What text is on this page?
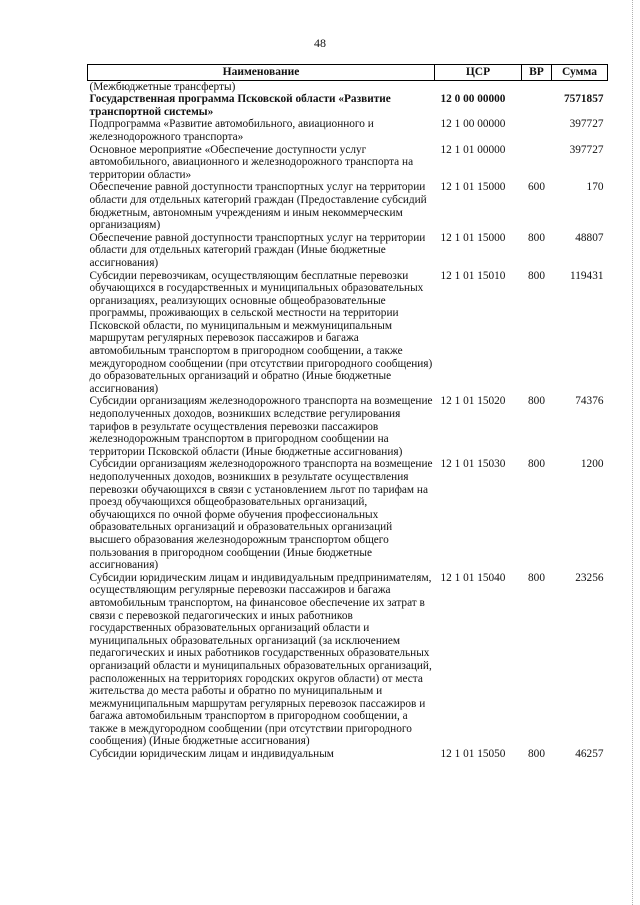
48
Наименование	ЦСР	ВР	Сумма
(Межбюджетные трансферты)			
Государственная программа Псковской области «Развитие транспортной системы»	12 0 00 00000		7571857
Подпрограмма «Развитие автомобильного, авиационного и железнодорожного транспорта»	12 1 00 00000		397727
Основное мероприятие «Обеспечение доступности услуг автомобильного, авиационного и железнодорожного транспорта на территории области»	12 1 01 00000		397727
Обеспечение равной доступности транспортных услуг на территории области для отдельных категорий граждан (Предоставление субсидий бюджетным, автономным учреждениям и иным некоммерческим организациям)	12 1 01 15000	600	170
Обеспечение равной доступности транспортных услуг на территории области для отдельных категорий граждан (Иные бюджетные ассигнования)	12 1 01 15000	800	48807
Субсидии перевозчикам, осуществляющим бесплатные перевозки обучающихся в государственных и муниципальных образовательных организациях, реализующих основные общеобразовательные программы, проживающих в сельской местности на территории Псковской области, по муниципальным и межмуниципальным маршрутам регулярных перевозок пассажиров и багажа автомобильным транспортом в пригородном сообщении, а также междугородном сообщении (при отсутствии пригородного сообщения) до образовательных организаций и обратно (Иные бюджетные ассигнования)	12 1 01 15010	800	119431
Субсидии организациям железнодорожного транспорта на возмещение недополученных доходов, возникших вследствие регулирования тарифов в результате осуществления перевозки пассажиров железнодорожным транспортом в пригородном сообщении на территории Псковской области (Иные бюджетные ассигнования)	12 1 01 15020	800	74376
Субсидии организациям железнодорожного транспорта на возмещение недополученных доходов, возникших в результате осуществления перевозки обучающихся в связи с установлением льгот по тарифам на проезд обучающихся общеобразовательных организаций, обучающихся по очной форме обучения профессиональных образовательных организаций и образовательных организаций высшего образования железнодорожным транспортом общего пользования в пригородном сообщении (Иные бюджетные ассигнования)	12 1 01 15030	800	1200
Субсидии юридическим лицам и индивидуальным предпринимателям, осуществляющим регулярные перевозки пассажиров и багажа автомобильным транспортом, на финансовое обеспечение их затрат в связи с перевозкой педагогических и иных работников государственных образовательных организаций области и муниципальных образовательных организаций (за исключением педагогических и иных работников государственных образовательных организаций области и муниципальных образовательных организаций, расположенных на территориях городских округов области) от места жительства до места работы и обратно по муниципальным и межмуниципальным маршрутам регулярных перевозок пассажиров и багажа автомобильным транспортом в пригородном сообщении, а также в междугородном сообщении (при отсутствии пригородного сообщения) (Иные бюджетные ассигнования)	12 1 01 15040	800	23256
Субсидии юридическим лицам и индивидуальным	12 1 01 15050	800	46257
